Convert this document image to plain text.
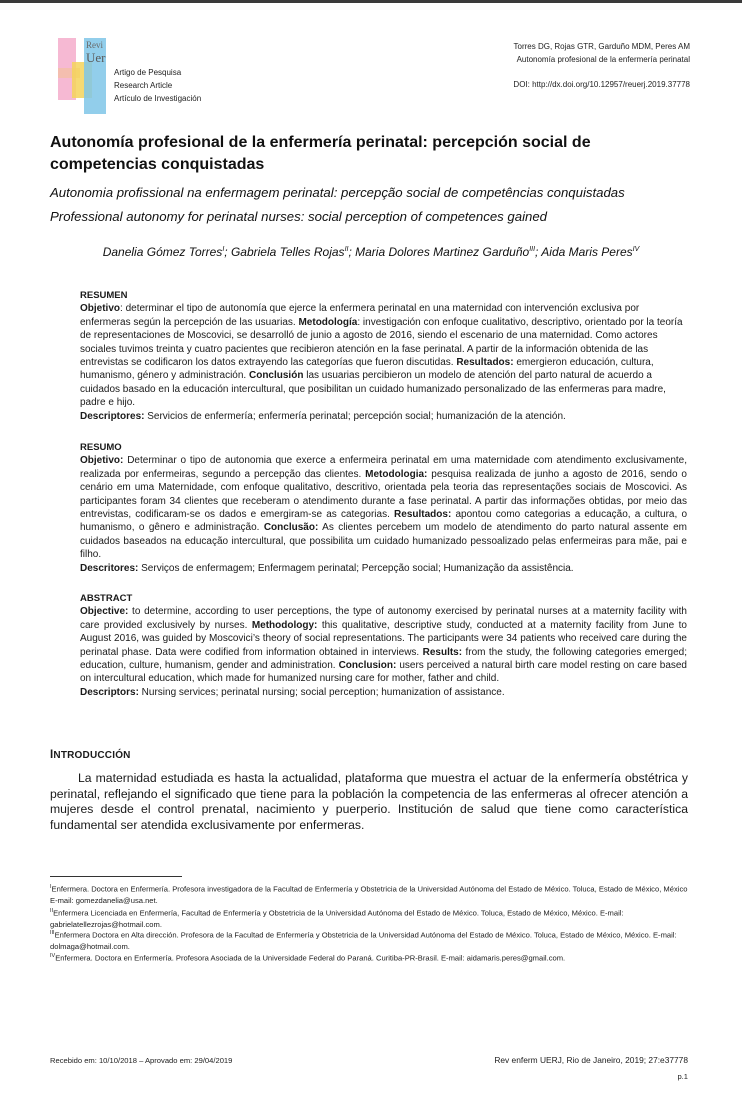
Revi
Uer
Artigo de Pesquisa
Research Article
Artículo de Investigación
Torres DG, Rojas GTR, Garduño MDM, Peres AM
Autonomía profesional de la enfermería perinatal
DOI: http://dx.doi.org/10.12957/reuerj.2019.37778
Autonomía profesional de la enfermería perinatal: percepción social de competencias conquistadas
Autonomia profissional na enfermagem perinatal: percepção social de competências conquistadas
Professional autonomy for perinatal nurses: social perception of competences gained
Danelia Gómez Torres$^I$; Gabriela Telles Rojas$^{II}$; Maria Dolores Martinez Garduño$^{III}$; Aida Maris Peres$^{IV}$
RESUMEN
Objetivo: determinar el tipo de autonomía que ejerce la enfermera perinatal en una maternidad con intervención exclusiva por enfermeras según la percepción de las usuarias. Metodología: investigación con enfoque cualitativo, descriptivo, orientado por la teoría de representaciones de Moscovici, se desarrolló de junio a agosto de 2016, siendo el escenario de una maternidad. Como actores sociales tuvimos treinta y cuatro pacientes que recibieron atención en la fase perinatal. A partir de la información obtenida de las entrevistas se codificaron los datos extrayendo las categorías que fueron discutidas. Resultados: emergieron educación, cultura, humanismo, género y administración. Conclusión las usuarias percibieron un modelo de atención del parto natural de acuerdo a cuidados basado en la educación intercultural, que posibilitan un cuidado humanizado personalizado de las enfermeras para madre, padre e hijo.
Descriptores: Servicios de enfermería; enfermería perinatal; percepción social; humanización de la atención.
RESUMO
Objetivo: Determinar o tipo de autonomia que exerce a enfermeira perinatal em uma maternidade com atendimento exclusivamente, realizada por enfermeiras, segundo a percepção das clientes. Metodologia: pesquisa realizada de junho a agosto de 2016, sendo o cenário em uma Maternidade, com enfoque qualitativo, descritivo, orientada pela teoria das representações sociais de Moscovici. As participantes foram 34 clientes que receberam o atendimento durante a fase perinatal. A partir das informações obtidas, por meio das entrevistas, codificaram-se os dados e emergiram-se as categorias. Resultados: apontou como categorias a educação, a cultura, o humanismo, o gênero e administração. Conclusão: As clientes percebem um modelo de atendimento do parto natural assente em cuidados baseados na educação intercultural, que possibilita um cuidado humanizado pessoalizado pelas enfermeiras para mãe, pai e filho.
Descritores: Serviços de enfermagem; Enfermagem perinatal; Percepção social; Humanização da assistência.
ABSTRACT
Objective: to determine, according to user perceptions, the type of autonomy exercised by perinatal nurses at a maternity facility with care provided exclusively by nurses. Methodology: this qualitative, descriptive study, conducted at a maternity facility from June to August 2016, was guided by Moscovici’s theory of social representations. The participants were 34 patients who received care during the perinatal phase. Data were codified from information obtained in interviews. Results: from the study, the following categories emerged; education, culture, humanism, gender and administration. Conclusion: users perceived a natural birth care model resting on care based on intercultural education, which made for humanized nursing care for mother, father and child.
Descriptors: Nursing services; perinatal nursing; social perception; humanization of assistance.
INTRODUCCIÓN
La maternidad estudiada es hasta la actualidad, plataforma que muestra el actuar de la enfermería obstétrica y perinatal, reflejando el significado que tiene para la población la competencia de las enfermeras al ofrecer atención a mujeres desde el control prenatal, nacimiento y puerperio. Institución de salud que tiene como característica fundamental ser atendida exclusivamente por enfermeras.
$^I$Enfermera. Doctora en Enfermería. Profesora investigadora de la Facultad de Enfermería y Obstetricia de la Universidad Autónoma del Estado de México. Toluca, Estado de México, México E-mail: gomezdanelia@usa.net.
$^{II}$Enfermera Licenciada en Enfermería, Facultad de Enfermería y Obstetricia de la Universidad Autónoma del Estado de México. Toluca, Estado de México, México. E-mail: gabrielatellezrojas@hotmail.com.
$^{III}$Enfermera Doctora en Alta dirección. Profesora de la Facultad de Enfermería y Obstetricia de la Universidad Autónoma del Estado de México. Toluca, Estado de México, México. E-mail: dolmaga@hotmail.com.
$^{IV}$Enfermera. Doctora en Enfermería. Profesora Asociada de la Universidade Federal do Paraná. Curitiba-PR-Brasil. E-mail: aidamaris.peres@gmail.com.
Recebido em: 10/10/2018 – Aprovado em: 29/04/2019	Rev enferm UERJ, Rio de Janeiro, 2019; 27:e37778
p.1
